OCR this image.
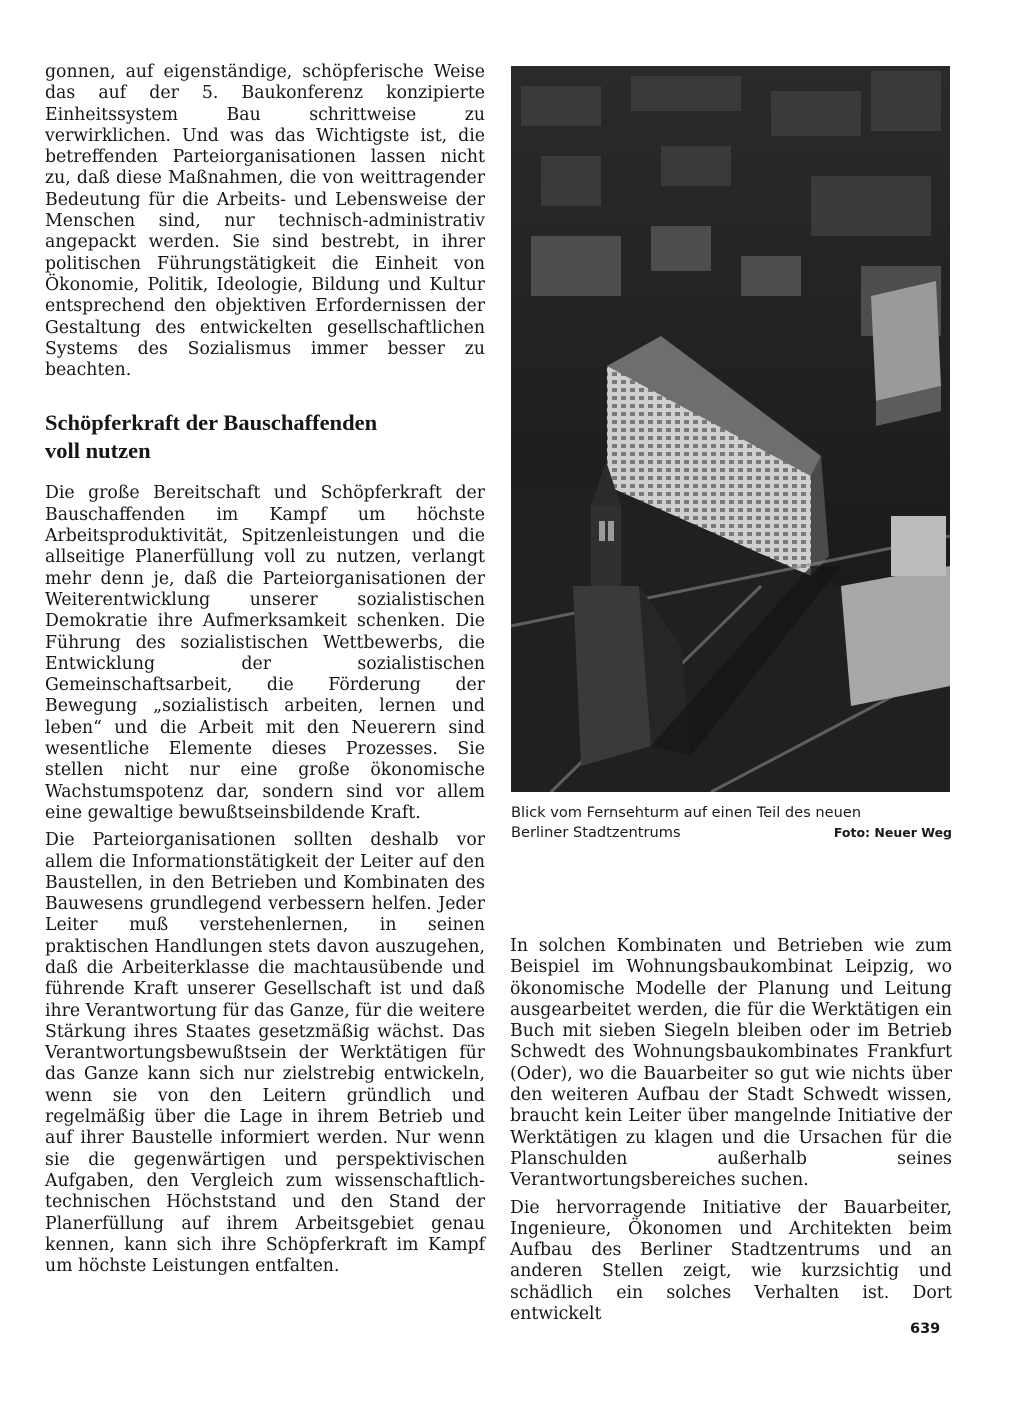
gonnen, auf eigenständige, schöpferische Weise das auf der 5. Baukonferenz konzipierte Einheitssystem Bau schrittweise zu verwirklichen. Und was das Wichtigste ist, die betreffenden Parteiorganisationen lassen nicht zu, daß diese Maßnahmen, die von weittragender Bedeutung für die Arbeits- und Lebensweise der Menschen sind, nur technisch-administrativ angepackt werden. Sie sind bestrebt, in ihrer politischen Führungstätigkeit die Einheit von Ökonomie, Politik, Ideologie, Bildung und Kultur entsprechend den objektiven Erfordernissen der Gestaltung des entwickelten gesellschaftlichen Systems des Sozialismus immer besser zu beachten.

Schöpferkraft der Bauschaffenden
voll nutzen

Die große Bereitschaft und Schöpferkraft der Bauschaffenden im Kampf um höchste Arbeitsproduktivität, Spitzenleistungen und die allseitige Planerfüllung voll zu nutzen, verlangt mehr denn je, daß die Parteiorganisationen der Weiterentwicklung unserer sozialistischen Demokratie ihre Aufmerksamkeit schenken. Die Führung des sozialistischen Wettbewerbs, die Entwicklung der sozialistischen Gemeinschaftsarbeit, die Förderung der Bewegung „sozialistisch arbeiten, lernen und leben“ und die Arbeit mit den Neuerern sind wesentliche Elemente dieses Prozesses. Sie stellen nicht nur eine große ökonomische Wachstumspotenz dar, sondern sind vor allem eine gewaltige bewußtseinsbildende Kraft.

Die Parteiorganisationen sollten deshalb vor allem die Informationstätigkeit der Leiter auf den Baustellen, in den Betrieben und Kombinaten des Bauwesens grundlegend verbessern helfen. Jeder Leiter muß verstehenlernen, in seinen praktischen Handlungen stets davon auszugehen, daß die Arbeiterklasse die machtausübende und führende Kraft unserer Gesellschaft ist und daß ihre Verantwortung für das Ganze, für die weitere Stärkung ihres Staates gesetzmäßig wächst. Das Verantwortungsbewußtsein der Werktätigen für das Ganze kann sich nur zielstrebig entwickeln, wenn sie von den Leitern gründlich und regelmäßig über die Lage in ihrem Betrieb und auf ihrer Baustelle informiert werden. Nur wenn sie die gegenwärtigen und perspektivischen Aufgaben, den Vergleich zum wissenschaftlich-technischen Höchststand und den Stand der Planerfüllung auf ihrem Arbeitsgebiet genau kennen, kann sich ihre Schöpferkraft im Kampf um höchste Leistungen entfalten.

Blick vom Fernsehturm auf einen Teil des neuen
Berliner Stadtzentrums	Foto: Neuer Weg

In solchen Kombinaten und Betrieben wie zum Beispiel im Wohnungsbaukombinat Leipzig, wo ökonomische Modelle der Planung und Leitung ausgearbeitet werden, die für die Werktätigen ein Buch mit sieben Siegeln bleiben oder im Betrieb Schwedt des Wohnungsbaukombinates Frankfurt (Oder), wo die Bauarbeiter so gut wie nichts über den weiteren Aufbau der Stadt Schwedt wissen, braucht kein Leiter über mangelnde Initiative der Werktätigen zu klagen und die Ursachen für die Planschulden außerhalb seines Verantwortungsbereiches suchen.

Die hervorragende Initiative der Bauarbeiter, Ingenieure, Ökonomen und Architekten beim Aufbau des Berliner Stadtzentrums und an anderen Stellen zeigt, wie kurzsichtig und schädlich ein solches Verhalten ist. Dort entwickelt

639
